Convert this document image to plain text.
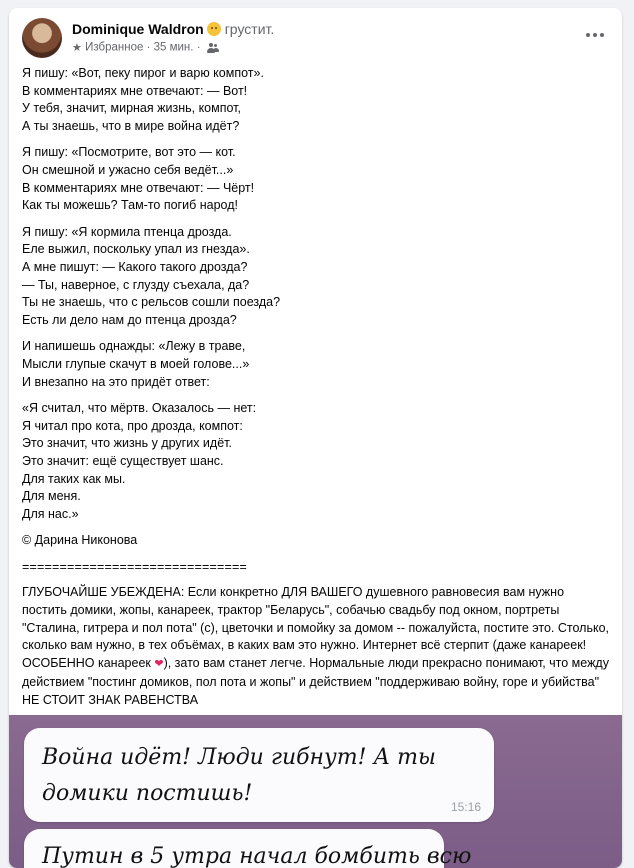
Dominique Waldron грустит.
★ Избранное · 35 мин. ·
Я пишу: «Вот, пеку пирог и варю компот».
В комментариях мне отвечают: — Вот!
У тебя, значит, мирная жизнь, компот,
А ты знаешь, что в мире война идёт?
Я пишу: «Посмотрите, вот это — кот.
Он смешной и ужасно себя ведёт...»
В комментариях мне отвечают: — Чёрт!
Как ты можешь? Там-то погиб народ!
Я пишу: «Я кормила птенца дрозда.
Еле выжил, поскольку упал из гнезда».
А мне пишут: — Какого такого дрозда?
— Ты, наверное, с глузду съехала, да?
Ты не знаешь, что с рельсов сошли поезда?
Есть ли дело нам до птенца дрозда?
И напишешь однажды: «Лежу в траве,
Мысли глупые скачут в моей голове...»
И внезапно на это придёт ответ:
«Я считал, что мёртв. Оказалось — нет:
Я читал про кота, про дрозда, компот:
Это значит, что жизнь у других идёт.
Это значит: ещё существует шанс.
Для таких как мы.
Для меня.
Для нас.»
© Дарина Никонова
==============================
ГЛУБОЧАЙШЕ УБЕЖДЕНА: Если конкретно ДЛЯ ВАШЕГО душевного равновесия вам нужно постить домики, жопы, канареек, трактор "Беларусь", собачью свадьбу под окном, портреты "Сталина, гитрера и пол пота" (с), цветочки и помойку за домом -- пожалуйста, постите это. Столько, сколько вам нужно, в тех объёмах, в каких вам это нужно. Интернет всё стерпит (даже канареек! ОСОБЕННО канареек ❤), зато вам станет легче. Нормальные люди прекрасно понимают, что между действием "постинг домиков, пол пота и жопы" и действием "поддерживаю войну, горе и убийства" НЕ СТОИТ ЗНАК РАВЕНСТВА
Война идёт! Люди гибнут! А ты домики постишь!
15:16
Путин в 5 утра начал бомбить всю
